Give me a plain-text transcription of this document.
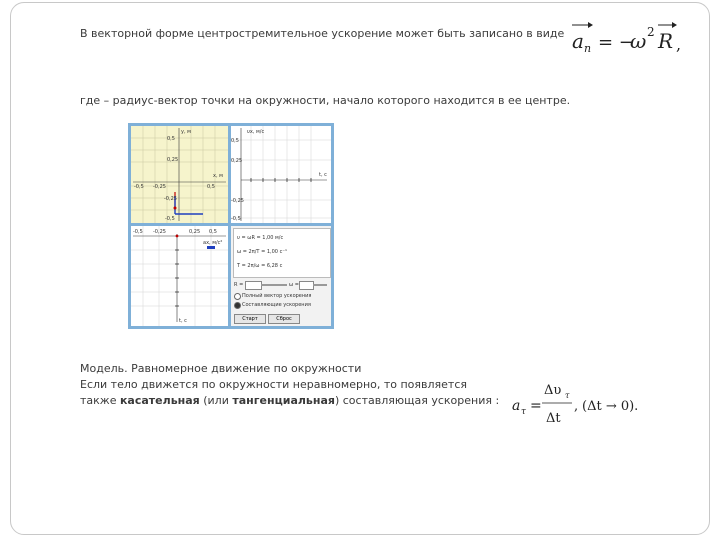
В векторной форме центростремительное ускорение может быть записано в виде a n = −
ω 2 R ,
где – радиус-вектор точки на окружности, начало которого находится в ее центре.
y, м
x, м
0,5
0,25
-0,25
-0,5
0,5
-0,5 -0,25
υx, м/с
t, c
0,5
0,25
-0,25
-0,5
ax, м/с²
t, c
-0,5 -0,25	0,25 0,5
υ = ωR = 1,00 м/с
ω = 2π/T = 1,00 с⁻¹
T = 2π/ω = 6,28 с
R =	ω =
Полный вектор ускорения
Составляющие ускорения
Старт	Сброс
Модель. Равномерное движение по окружности
Если тело движется по окружности неравномерно, то появляется
также касательная (или тангенциальная) составляющая ускорения : a τ =
Δυ τ
Δt
, (Δt → 0).
